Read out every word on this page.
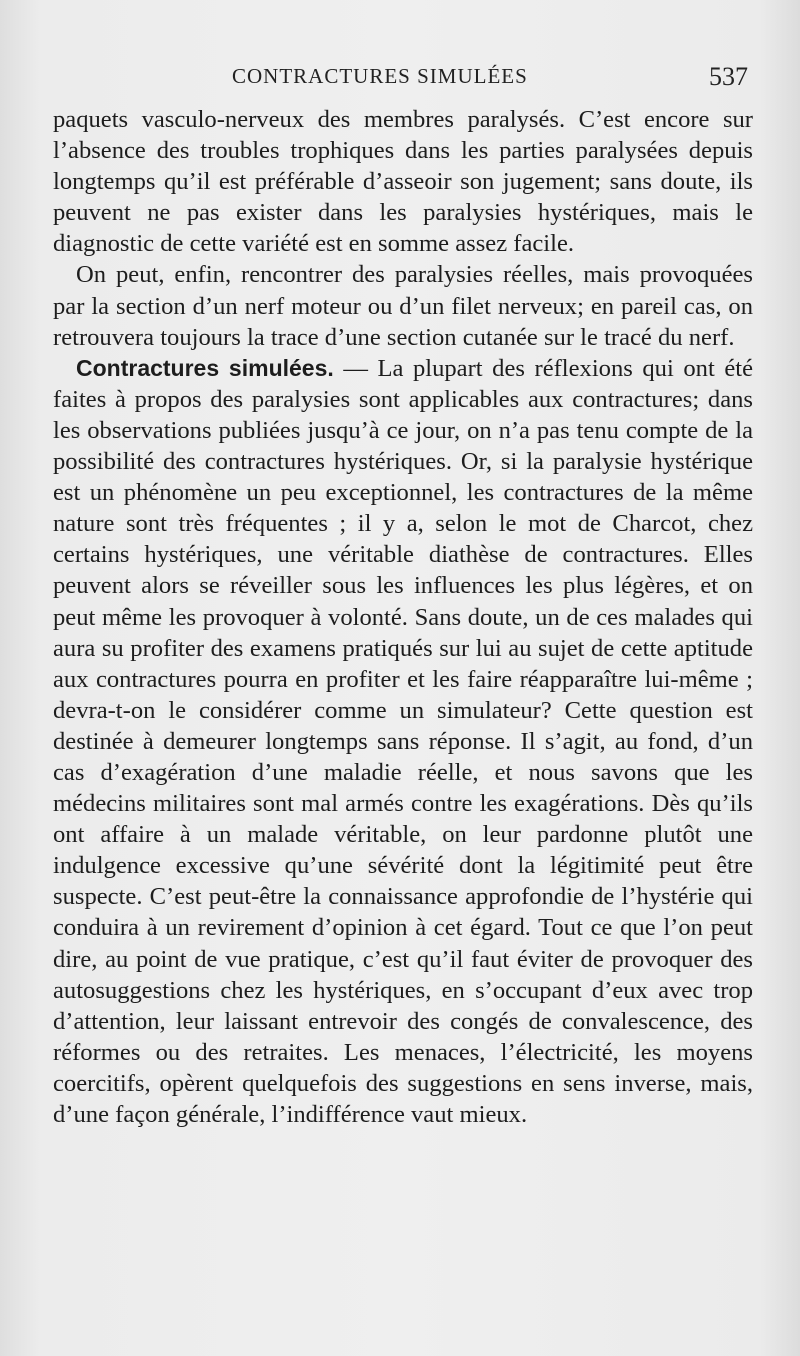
CONTRACTURES SIMULÉES	537

paquets vasculo-nerveux des membres paralysés. C’est encore sur l’absence des troubles trophiques dans les parties paralysées depuis longtemps qu’il est préférable d’asseoir son jugement; sans doute, ils peuvent ne pas exister dans les paralysies hystériques, mais le diagnostic de cette variété est en somme assez facile.

On peut, enfin, rencontrer des paralysies réelles, mais provoquées par la section d’un nerf moteur ou d’un filet nerveux; en pareil cas, on retrouvera toujours la trace d’une section cutanée sur le tracé du nerf.

Contractures simulées. — La plupart des réflexions qui ont été faites à propos des paralysies sont applicables aux contractures; dans les observations publiées jusqu’à ce jour, on n’a pas tenu compte de la possibilité des contractures hystériques. Or, si la paralysie hystérique est un phénomène un peu exceptionnel, les contractures de la même nature sont très fréquentes ; il y a, selon le mot de Charcot, chez certains hystériques, une véritable diathèse de contractures. Elles peuvent alors se réveiller sous les influences les plus légères, et on peut même les provoquer à volonté. Sans doute, un de ces malades qui aura su profiter des examens pratiqués sur lui au sujet de cette aptitude aux contractures pourra en profiter et les faire réapparaître lui-même ; devra-t-on le considérer comme un simulateur? Cette question est destinée à demeurer longtemps sans réponse. Il s’agit, au fond, d’un cas d’exagération d’une maladie réelle, et nous savons que les médecins militaires sont mal armés contre les exagérations. Dès qu’ils ont affaire à un malade véritable, on leur pardonne plutôt une indulgence excessive qu’une sévérité dont la légitimité peut être suspecte. C’est peut-être la connaissance approfondie de l’hystérie qui conduira à un revirement d’opinion à cet égard. Tout ce que l’on peut dire, au point de vue pratique, c’est qu’il faut éviter de provoquer des autosuggestions chez les hystériques, en s’occupant d’eux avec trop d’attention, leur laissant entrevoir des congés de convalescence, des réformes ou des retraites. Les menaces, l’électricité, les moyens coercitifs, opèrent quelquefois des suggestions en sens inverse, mais, d’une façon générale, l’indifférence vaut mieux.
